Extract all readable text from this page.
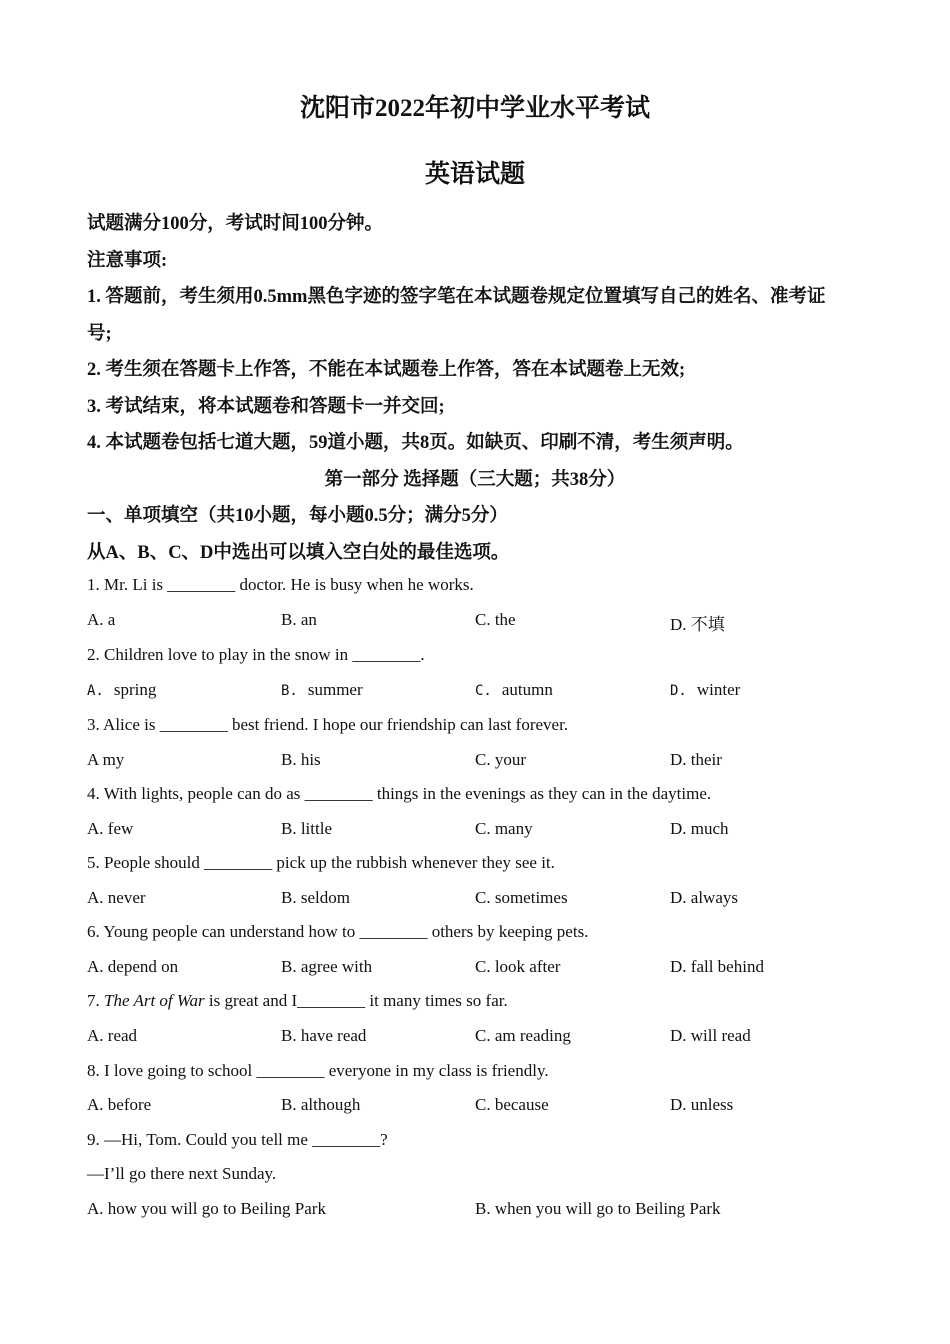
沈阳市2022年初中学业水平考试
英语试题
试题满分100分，考试时间100分钟。
注意事项:
1. 答题前，考生须用0.5mm黑色字迹的签字笔在本试题卷规定位置填写自己的姓名、准考证
号;
2. 考生须在答题卡上作答，不能在本试题卷上作答，答在本试题卷上无效;
3. 考试结束，将本试题卷和答题卡一并交回;
4. 本试题卷包括七道大题，59道小题，共8页。如缺页、印刷不清，考生须声明。
第一部分 选择题（三大题；共38分）
一、单项填空（共10小题，每小题0.5分；满分5分）
从A、B、C、D中选出可以填入空白处的最佳选项。
1. Mr. Li is ________ doctor. He is busy when he works.
A. a	B. an	C. the	D. 不填
2. Children love to play in the snow in ________.
A. spring	B. summer	C. autumn	D. winter
3. Alice is ________ best friend. I hope our friendship can last forever.
A my	B. his	C. your	D. their
4. With lights, people can do as ________ things in the evenings as they can in the daytime.
A. few	B. little	C. many	D. much
5. People should ________ pick up the rubbish whenever they see it.
A. never	B. seldom	C. sometimes	D. always
6. Young people can understand how to ________ others by keeping pets.
A. depend on	B. agree with	C. look after	D. fall behind
7. The Art of War is great and I________ it many times so far.
A. read	B. have read	C. am reading	D. will read
8. I love going to school ________ everyone in my class is friendly.
A. before	B. although	C. because	D. unless
9. —Hi, Tom. Could you tell me ________?
—I’ll go there next Sunday.
A. how you will go to Beiling Park	B. when you will go to Beiling Park
